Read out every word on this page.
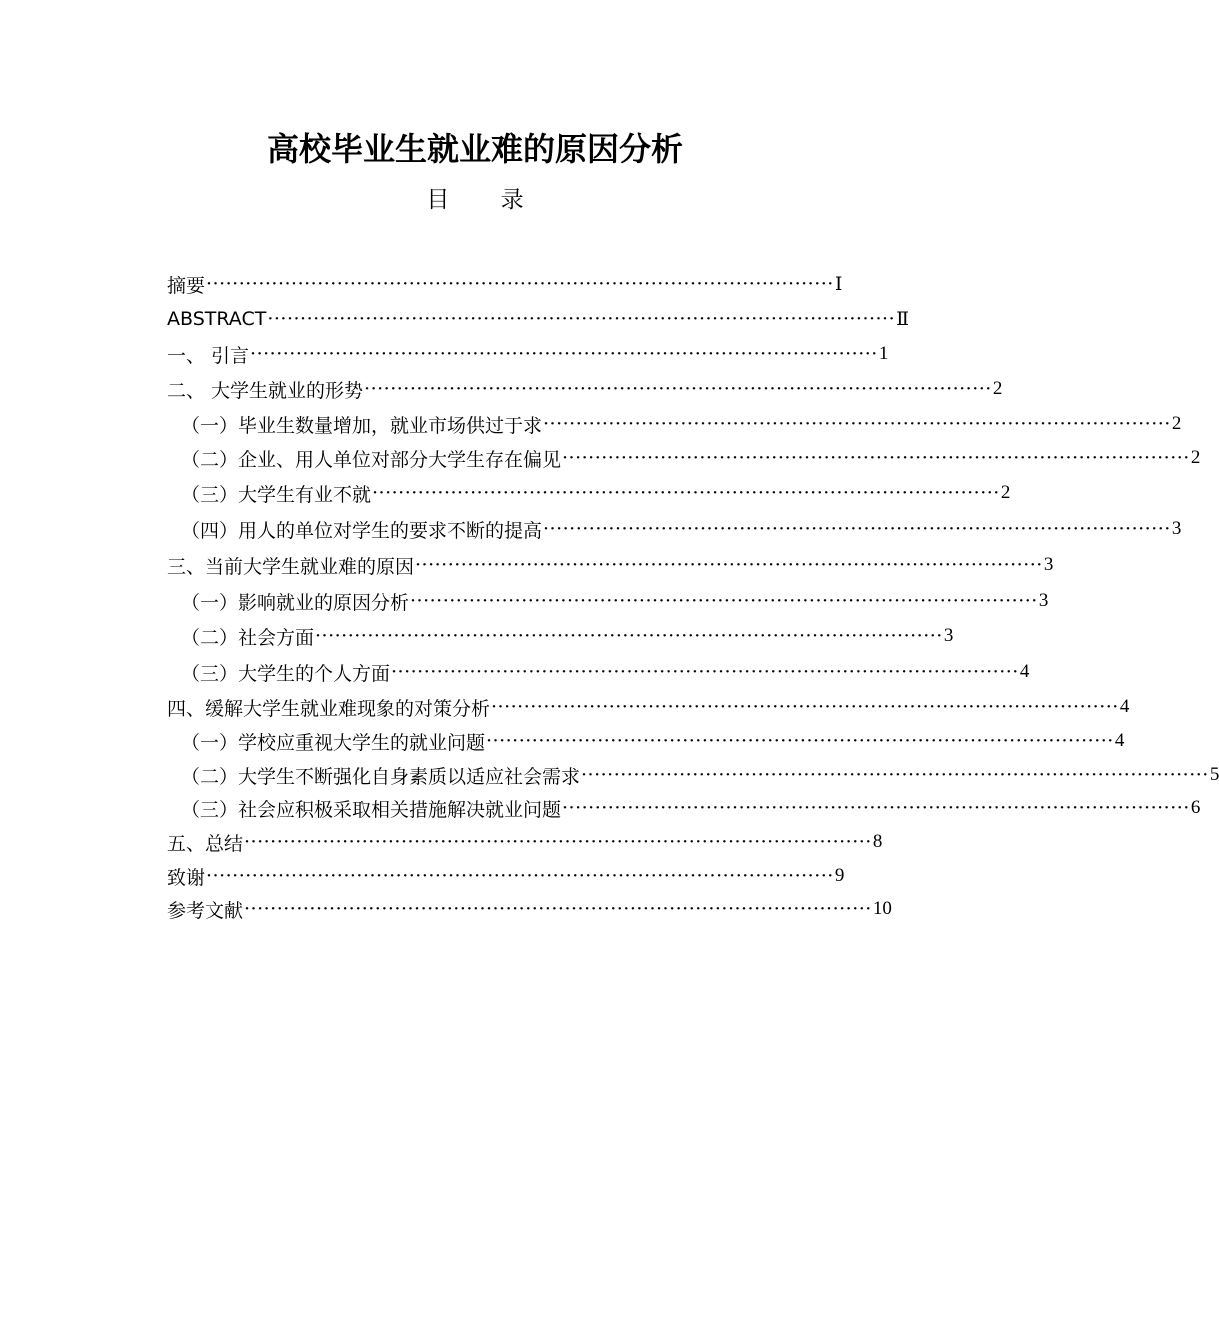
高校毕业生就业难的原因分析
目 录
摘要 ································································································ Ⅰ
ABSTRACT ································································································ Ⅱ
一、 引言 ································································································ 1
二、 大学生就业的形势 ································································································ 2
（一）毕业生数量增加，就业市场供过于求 ································································································ 2
（二）企业、用人单位对部分大学生存在偏见 ································································································ 2
（三）大学生有业不就 ································································································ 2
（四）用人的单位对学生的要求不断的提高 ································································································ 3
三、当前大学生就业难的原因 ································································································ 3
（一）影响就业的原因分析 ································································································ 3
（二）社会方面 ································································································ 3
（三）大学生的个人方面 ································································································ 4
四、缓解大学生就业难现象的对策分析 ································································································ 4
（一）学校应重视大学生的就业问题 ································································································ 4
（二）大学生不断强化自身素质以适应社会需求 ································································································ 5
（三）社会应积极采取相关措施解决就业问题 ································································································ 6
五、总结 ································································································ 8
致谢 ································································································ 9
参考文献 ································································································ 10
